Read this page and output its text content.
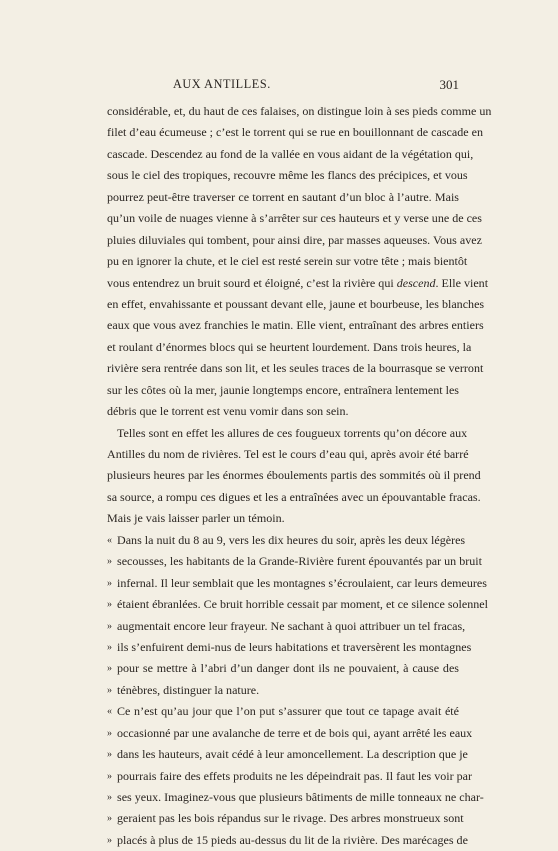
AUX ANTILLES.	301
considérable, et, du haut de ces falaises, on distingue loin à ses pieds comme un
filet d’eau écumeuse ; c’est le torrent qui se rue en bouillonnant de cascade en
cascade. Descendez au fond de la vallée en vous aidant de la végétation qui,
sous le ciel des tropiques, recouvre même les flancs des précipices, et vous
pourrez peut-être traverser ce torrent en sautant d’un bloc à l’autre. Mais
qu’un voile de nuages vienne à s’arrêter sur ces hauteurs et y verse une de ces
pluies diluviales qui tombent, pour ainsi dire, par masses aqueuses. Vous avez
pu en ignorer la chute, et le ciel est resté serein sur votre tête ; mais bientôt
vous entendrez un bruit sourd et éloigné, c’est la rivière qui descend. Elle vient
en effet, envahissante et poussant devant elle, jaune et bourbeuse, les blanches
eaux que vous avez franchies le matin. Elle vient, entraînant des arbres entiers
et roulant d’énormes blocs qui se heurtent lourdement. Dans trois heures, la
rivière sera rentrée dans son lit, et les seules traces de la bourrasque se verront
sur les côtes où la mer, jaunie longtemps encore, entraînera lentement les
débris que le torrent est venu vomir dans son sein.
Telles sont en effet les allures de ces fougueux torrents qu’on décore aux
Antilles du nom de rivières. Tel est le cours d’eau qui, après avoir été barré
plusieurs heures par les énormes éboulements partis des sommités où il prend
sa source, a rompu ces digues et les a entraînées avec un épouvantable fracas.
Mais je vais laisser parler un témoin.
« Dans la nuit du 8 au 9, vers les dix heures du soir, après les deux légères
» secousses, les habitants de la Grande-Rivière furent épouvantés par un bruit
» infernal. Il leur semblait que les montagnes s’écroulaient, car leurs demeures
» étaient ébranlées. Ce bruit horrible cessait par moment, et ce silence solennel
» augmentait encore leur frayeur. Ne sachant à quoi attribuer un tel fracas,
» ils s’enfuirent demi-nus de leurs habitations et traversèrent les montagnes
» pour se mettre à l’abri d’un danger dont ils ne pouvaient, à cause des
» ténèbres, distinguer la nature.
« Ce n’est qu’au jour que l’on put s’assurer que tout ce tapage avait été
» occasionné par une avalanche de terre et de bois qui, ayant arrêté les eaux
» dans les hauteurs, avait cédé à leur amoncellement. La description que je
» pourrais faire des effets produits ne les dépeindrait pas. Il faut les voir par
» ses yeux. Imaginez-vous que plusieurs bâtiments de mille tonneaux ne char-
» geraient pas les bois répandus sur le rivage. Des arbres monstrueux sont
» placés à plus de 15 pieds au-dessus du lit de la rivière. Des marécages de
